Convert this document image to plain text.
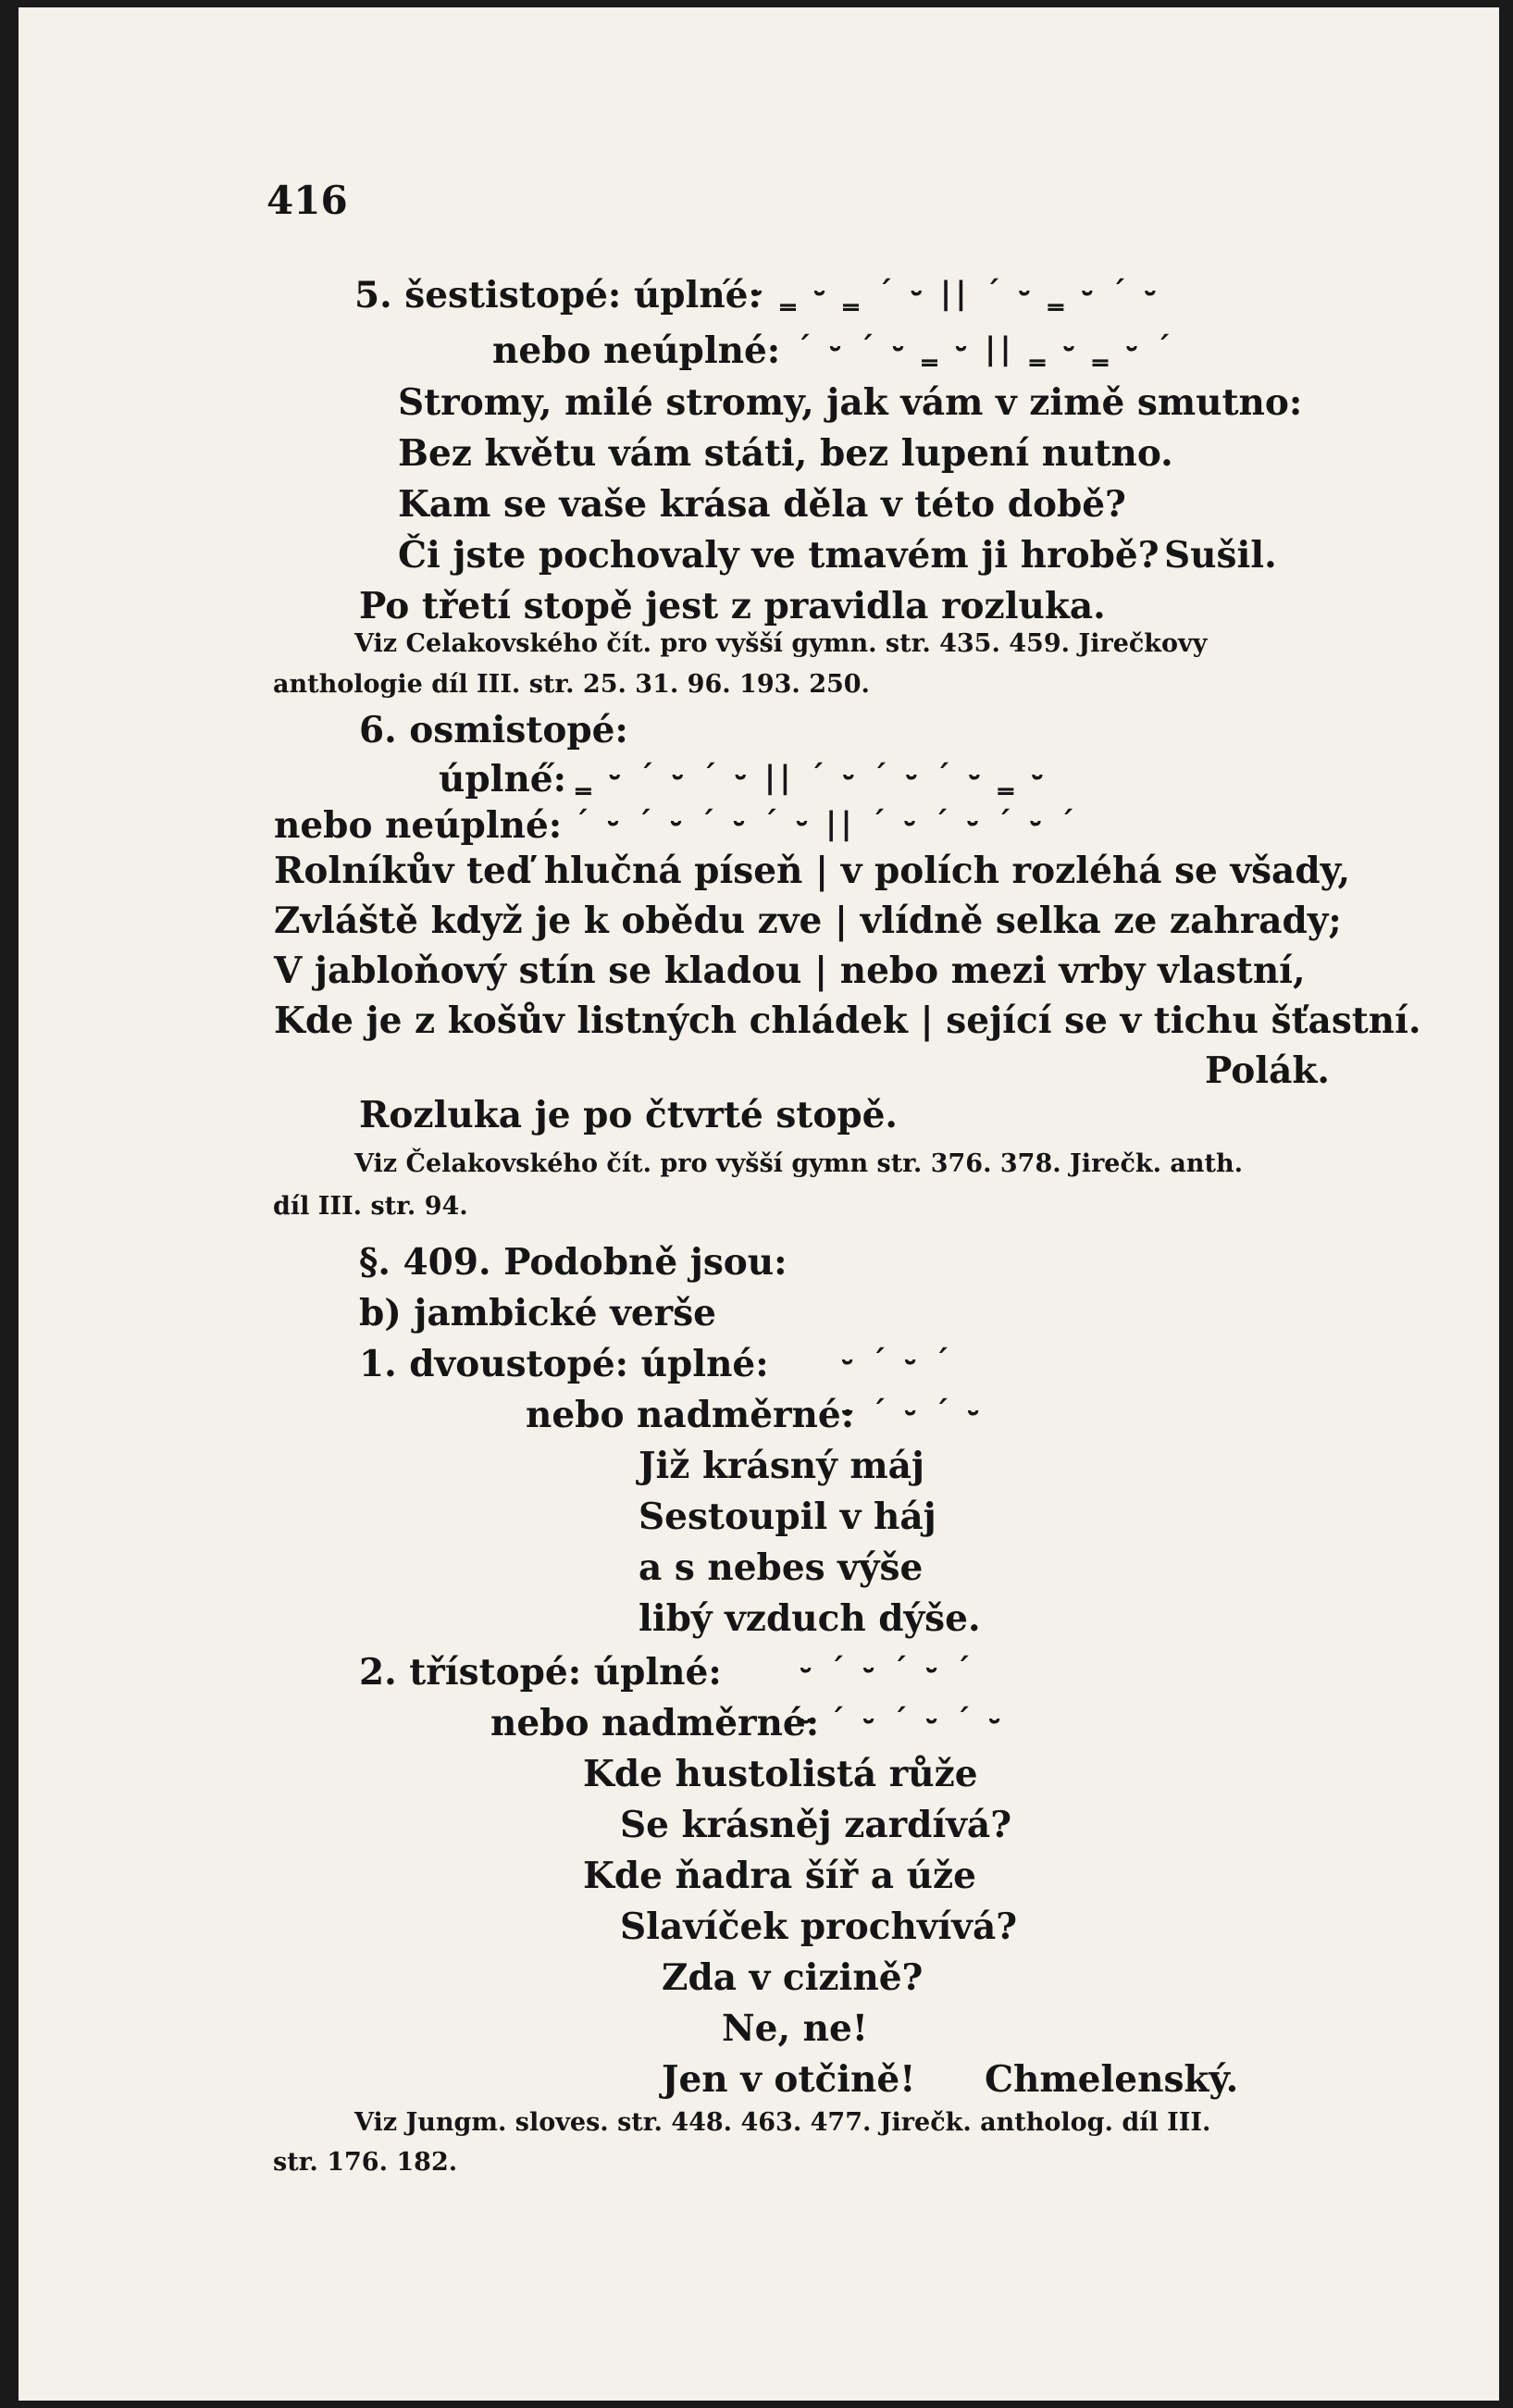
416
5. šestistopé: úplné:
nebo neúplné:
Stromy, milé stromy, jak vám v zimě smutno:
Bez květu vám státi, bez lupení nutno.
Kam se vaše krása děla v této době?
Či jste pochovaly ve tmavém ji hrobě? Sušil.
Po třetí stopě jest z pravidla rozluka.
Viz Celakovského čít. pro vyšší gymn. str. 435. 459. Jirečkovy
anthologie díl III. str. 25. 31. 96. 193. 250.
6. osmistopé:
úplné:
nebo neúplné:
Rolníkův teď hlučná píseň | v polích rozléhá se všady,
Zvláště když je k obědu zve | vlídně selka ze zahrady;
V jabloňový stín se kladou | nebo mezi vrby vlastní,
Kde je z košův listných chládek | sející se v tichu šťastní.
Polák.
Rozluka je po čtvrté stopě.
Viz Čelakovského čít. pro vyšší gymn str. 376. 378. Jirečk. anth.
díl III. str. 94.
§. 409. Podobně jsou:
b) jambické verše
1. dvoustopé: úplné:
nebo nadměrné:
Již krásný máj
Sestoupil v háj
a s nebes výše
libý vzduch dýše.
2. třístopé: úplné:
nebo nadměrné:
Kde hustolistá růže
Se krásněj zardívá?
Kde ňadra šíř a úže
Slavíček prochvívá?
Zda v cizině?
Ne, ne!
Jen v otčině! Chmelenský.
Viz Jungm. sloves. str. 448. 463. 477. Jirečk. antholog. díl III.
str. 176. 182.
´ ⏑ ‗ ⏑ ‗ ´ ⏑ || ´ ⏑ ‗ ⏑ ´ ⏑
´ ⏑ ´ ⏑ ‗ ⏑ || ‗ ⏑ ‗ ⏑ ´
´ ‗ ⏑ ´ ⏑ ´ ⏑ || ´ ⏑ ´ ⏑ ´ ⏑ ‗ ⏑
´ ⏑ ´ ⏑ ´ ⏑ ´ ⏑ || ´ ⏑ ´ ⏑ ´ ⏑ ´
⏑ ´ ⏑ ´
⏑ ´ ⏑ ´ ⏑
⏑ ´ ⏑ ´ ⏑ ´
⏑ ´ ⏑ ´ ⏑ ´ ⏑
